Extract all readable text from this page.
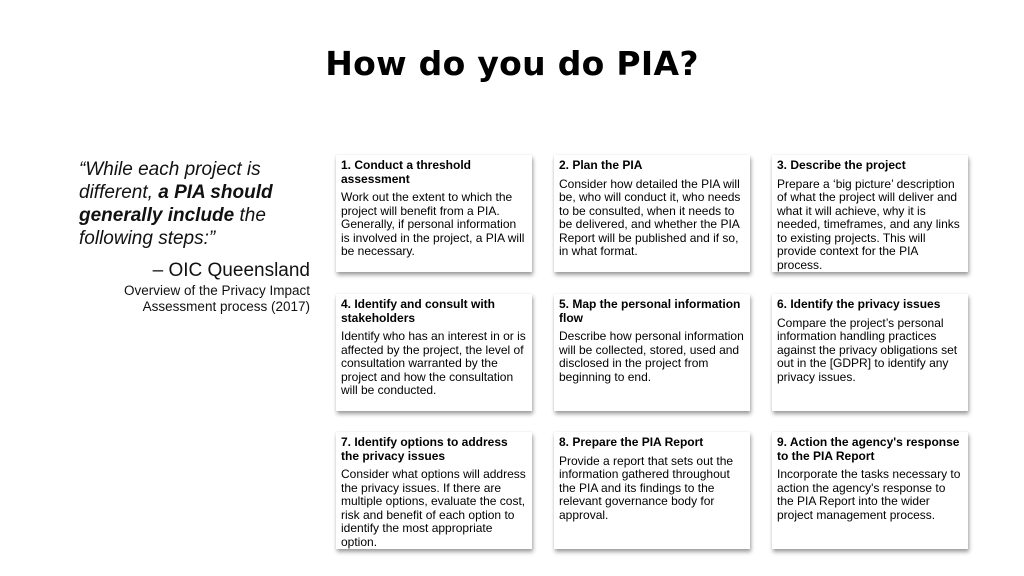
How do you do PIA?
“While each project is different, a PIA should generally include the following steps:”
– OIC Queensland
Overview of the Privacy Impact Assessment process (2017)
1. Conduct a threshold assessment
Work out the extent to which the project will benefit from a PIA. Generally, if personal information is involved in the project, a PIA will be necessary.
2. Plan the PIA
Consider how detailed the PIA will be, who will conduct it, who needs to be consulted, when it needs to be delivered, and whether the PIA Report will be published and if so, in what format.
3. Describe the project
Prepare a ‘big picture’ description of what the project will deliver and what it will achieve, why it is needed, timeframes, and any links to existing projects. This will provide context for the PIA process.
4. Identify and consult with stakeholders
Identify who has an interest in or is affected by the project, the level of consultation warranted by the project and how the consultation will be conducted.
5. Map the personal information flow
Describe how personal information will be collected, stored, used and disclosed in the project from beginning to end.
6. Identify the privacy issues
Compare the project’s personal information handling practices against the privacy obligations set out in the [GDPR] to identify any privacy issues.
7. Identify options to address the privacy issues
Consider what options will address the privacy issues. If there are multiple options, evaluate the cost, risk and benefit of each option to identify the most appropriate option.
8. Prepare the PIA Report
Provide a report that sets out the information gathered throughout the PIA and its findings to the relevant governance body for approval.
9. Action the agency's response to the PIA Report
Incorporate the tasks necessary to action the agency's response to the PIA Report into the wider project management process.
